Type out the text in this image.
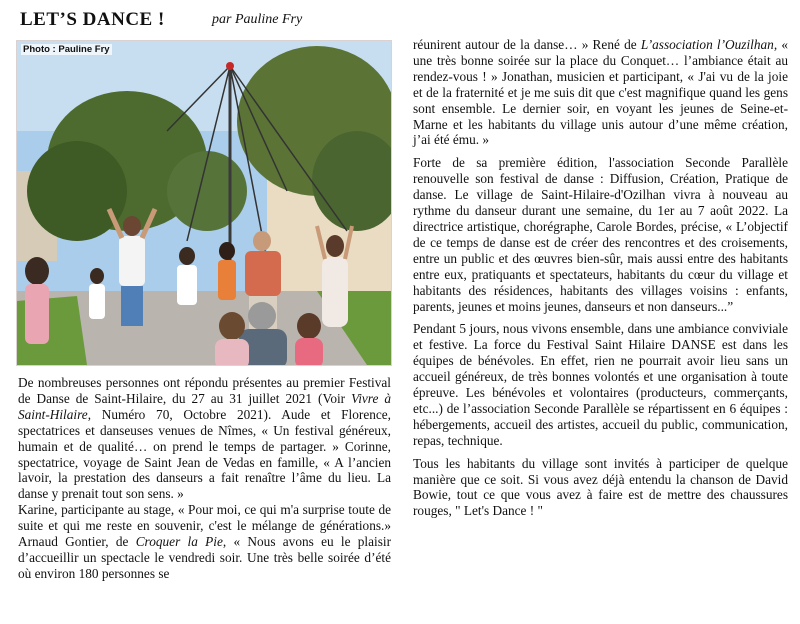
LET’S DANCE !	par Pauline Fry
Photo : Pauline Fry

De nombreuses personnes ont répondu présentes au premier Festival de Danse de Saint-Hilaire, du 27 au 31 juillet 2021 (Voir Vivre à Saint-Hilaire, Numéro 70, Octobre 2021). Aude et Florence, spectatrices et danseuses venues de Nîmes, « Un festival généreux, humain et de qualité… on prend le temps de partager. » Corinne, spectatrice, voyage de Saint Jean de Vedas en famille, « A l’ancien lavoir, la prestation des danseurs a fait renaître l’âme du lieu. La danse y prenait tout son sens. »

Karine, participante au stage, « Pour moi, ce qui m'a surprise toute de suite et qui me reste en souvenir, c'est le mélange de générations.» Arnaud Gontier, de Croquer la Pie, « Nous avons eu le plaisir d’accueillir un spectacle le vendredi soir. Une très belle soirée d’été où environ 180 personnes se

réunirent autour de la danse… » René de L’association l’Ouzilhan, « une très bonne soirée sur la place du Conquet… l’ambiance était au rendez-vous ! » Jonathan, musicien et participant, « J'ai vu de la joie et de la fraternité et je me suis dit que c'est magnifique quand les gens sont ensemble. Le dernier soir, en voyant les jeunes de Seine-et- Marne et les habitants du village unis autour d’une même création, j’ai été ému. »

Forte de sa première édition, l'association Seconde Parallèle renouvelle son festival de danse : Diffusion, Création, Pratique de danse. Le village de Saint-Hilaire-d'Ozilhan vivra à nouveau au rythme du danseur durant une semaine, du 1er au 7 août 2022. La directrice artistique, chorégraphe, Carole Bordes, précise, « L’objectif de ce temps de danse est de créer des rencontres et des croisements, entre un public et des œuvres bien-sûr, mais aussi entre des habitants entre eux, pratiquants et spectateurs, habitants du cœur du village et habitants des résidences, habitants des villages voisins : enfants, parents, jeunes et moins jeunes, danseurs et non danseurs...”

Pendant 5 jours, nous vivons ensemble, dans une ambiance conviviale et festive. La force du Festival Saint Hilaire DANSE est dans les équipes de bénévoles. En effet, rien ne pourrait avoir lieu sans un accueil généreux, de très bonnes volontés et une organisation à toute épreuve. Les bénévoles et volontaires (producteurs, commerçants, etc...) de l’association Seconde Parallèle se répartissent en 6 équipes : hébergements, accueil des artistes, accueil du public, communication, repas, technique.

Tous les habitants du village sont invités à participer de quelque manière que ce soit. Si vous avez déjà entendu la chanson de David Bowie, tout ce que vous avez à faire est de mettre des chaussures rouges, " Let's Dance ! "
